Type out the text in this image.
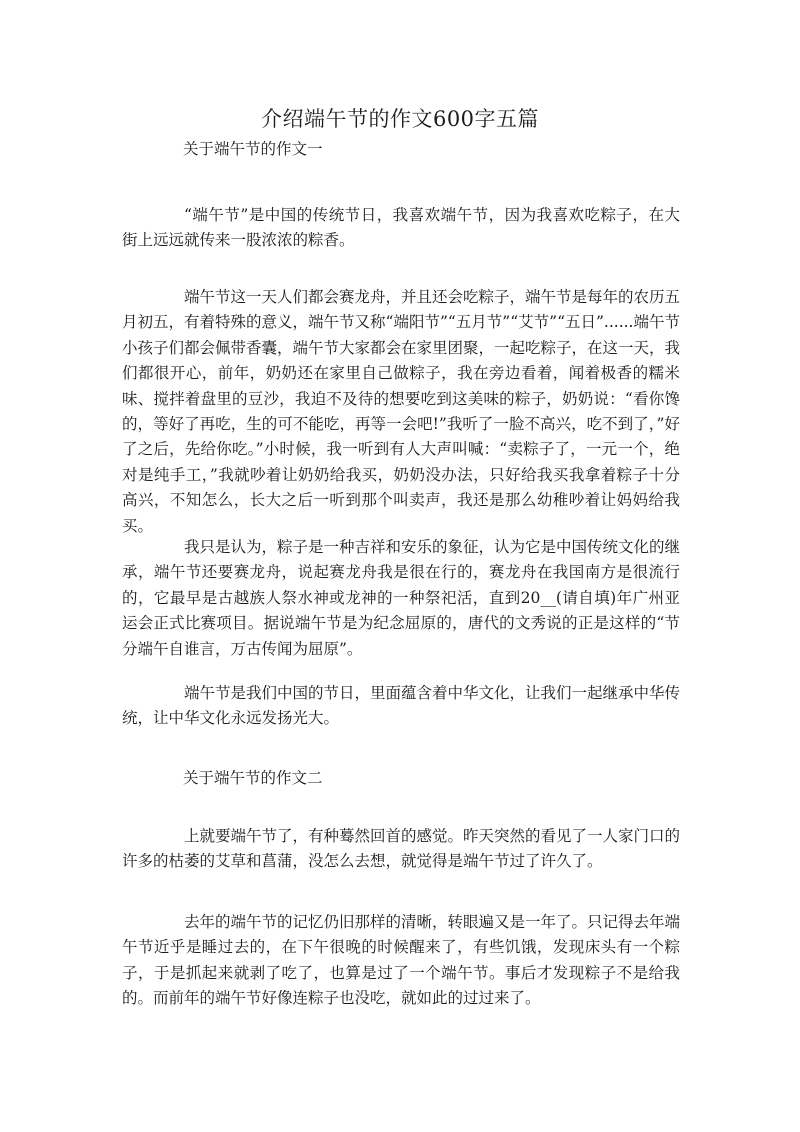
介绍端午节的作文600字五篇
关于端午节的作文一

“端午节”是中国的传统节日，我喜欢端午节，因为我喜欢吃粽子，在大街上远远就传来一股浓浓的粽香。

端午节这一天人们都会赛龙舟，并且还会吃粽子，端午节是每年的农历五月初五，有着特殊的意义，端午节又称“端阳节”“五月节”“艾节”“五日”......端午节小孩子们都会佩带香囊，端午节大家都会在家里团聚，一起吃粽子，在这一天，我们都很开心，前年，奶奶还在家里自己做粽子，我在旁边看着，闻着极香的糯米味、搅拌着盘里的豆沙，我迫不及待的想要吃到这美味的粽子，奶奶说：“看你馋的，等好了再吃，生的可不能吃，再等一会吧!”我听了一脸不高兴，吃不到了，”好了之后，先给你吃。”小时候，我一听到有人大声叫喊：“卖粽子了，一元一个，绝对是纯手工，”我就吵着让奶奶给我买，奶奶没办法，只好给我买我拿着粽子十分高兴，不知怎么，长大之后一听到那个叫卖声，我还是那么幼稚吵着让妈妈给我买。

我只是认为，粽子是一种吉祥和安乐的象征，认为它是中国传统文化的继承，端午节还要赛龙舟，说起赛龙舟我是很在行的，赛龙舟在我国南方是很流行的，它最早是古越族人祭水神或龙神的一种祭祀活，直到20__(请自填)年广州亚运会正式比赛项目。据说端午节是为纪念屈原的，唐代的文秀说的正是这样的“节分端午自谁言，万古传闻为屈原”。

端午节是我们中国的节日，里面蕴含着中华文化，让我们一起继承中华传统，让中华文化永远发扬光大。

关于端午节的作文二

上就要端午节了，有种蓦然回首的感觉。昨天突然的看见了一人家门口的许多的枯萎的艾草和菖蒲，没怎么去想，就觉得是端午节过了许久了。

去年的端午节的记忆仍旧那样的清晰，转眼遍又是一年了。只记得去年端午节近乎是睡过去的，在下午很晚的时候醒来了，有些饥饿，发现床头有一个粽子，于是抓起来就剥了吃了，也算是过了一个端午节。事后才发现粽子不是给我的。而前年的端午节好像连粽子也没吃，就如此的过过来了。
